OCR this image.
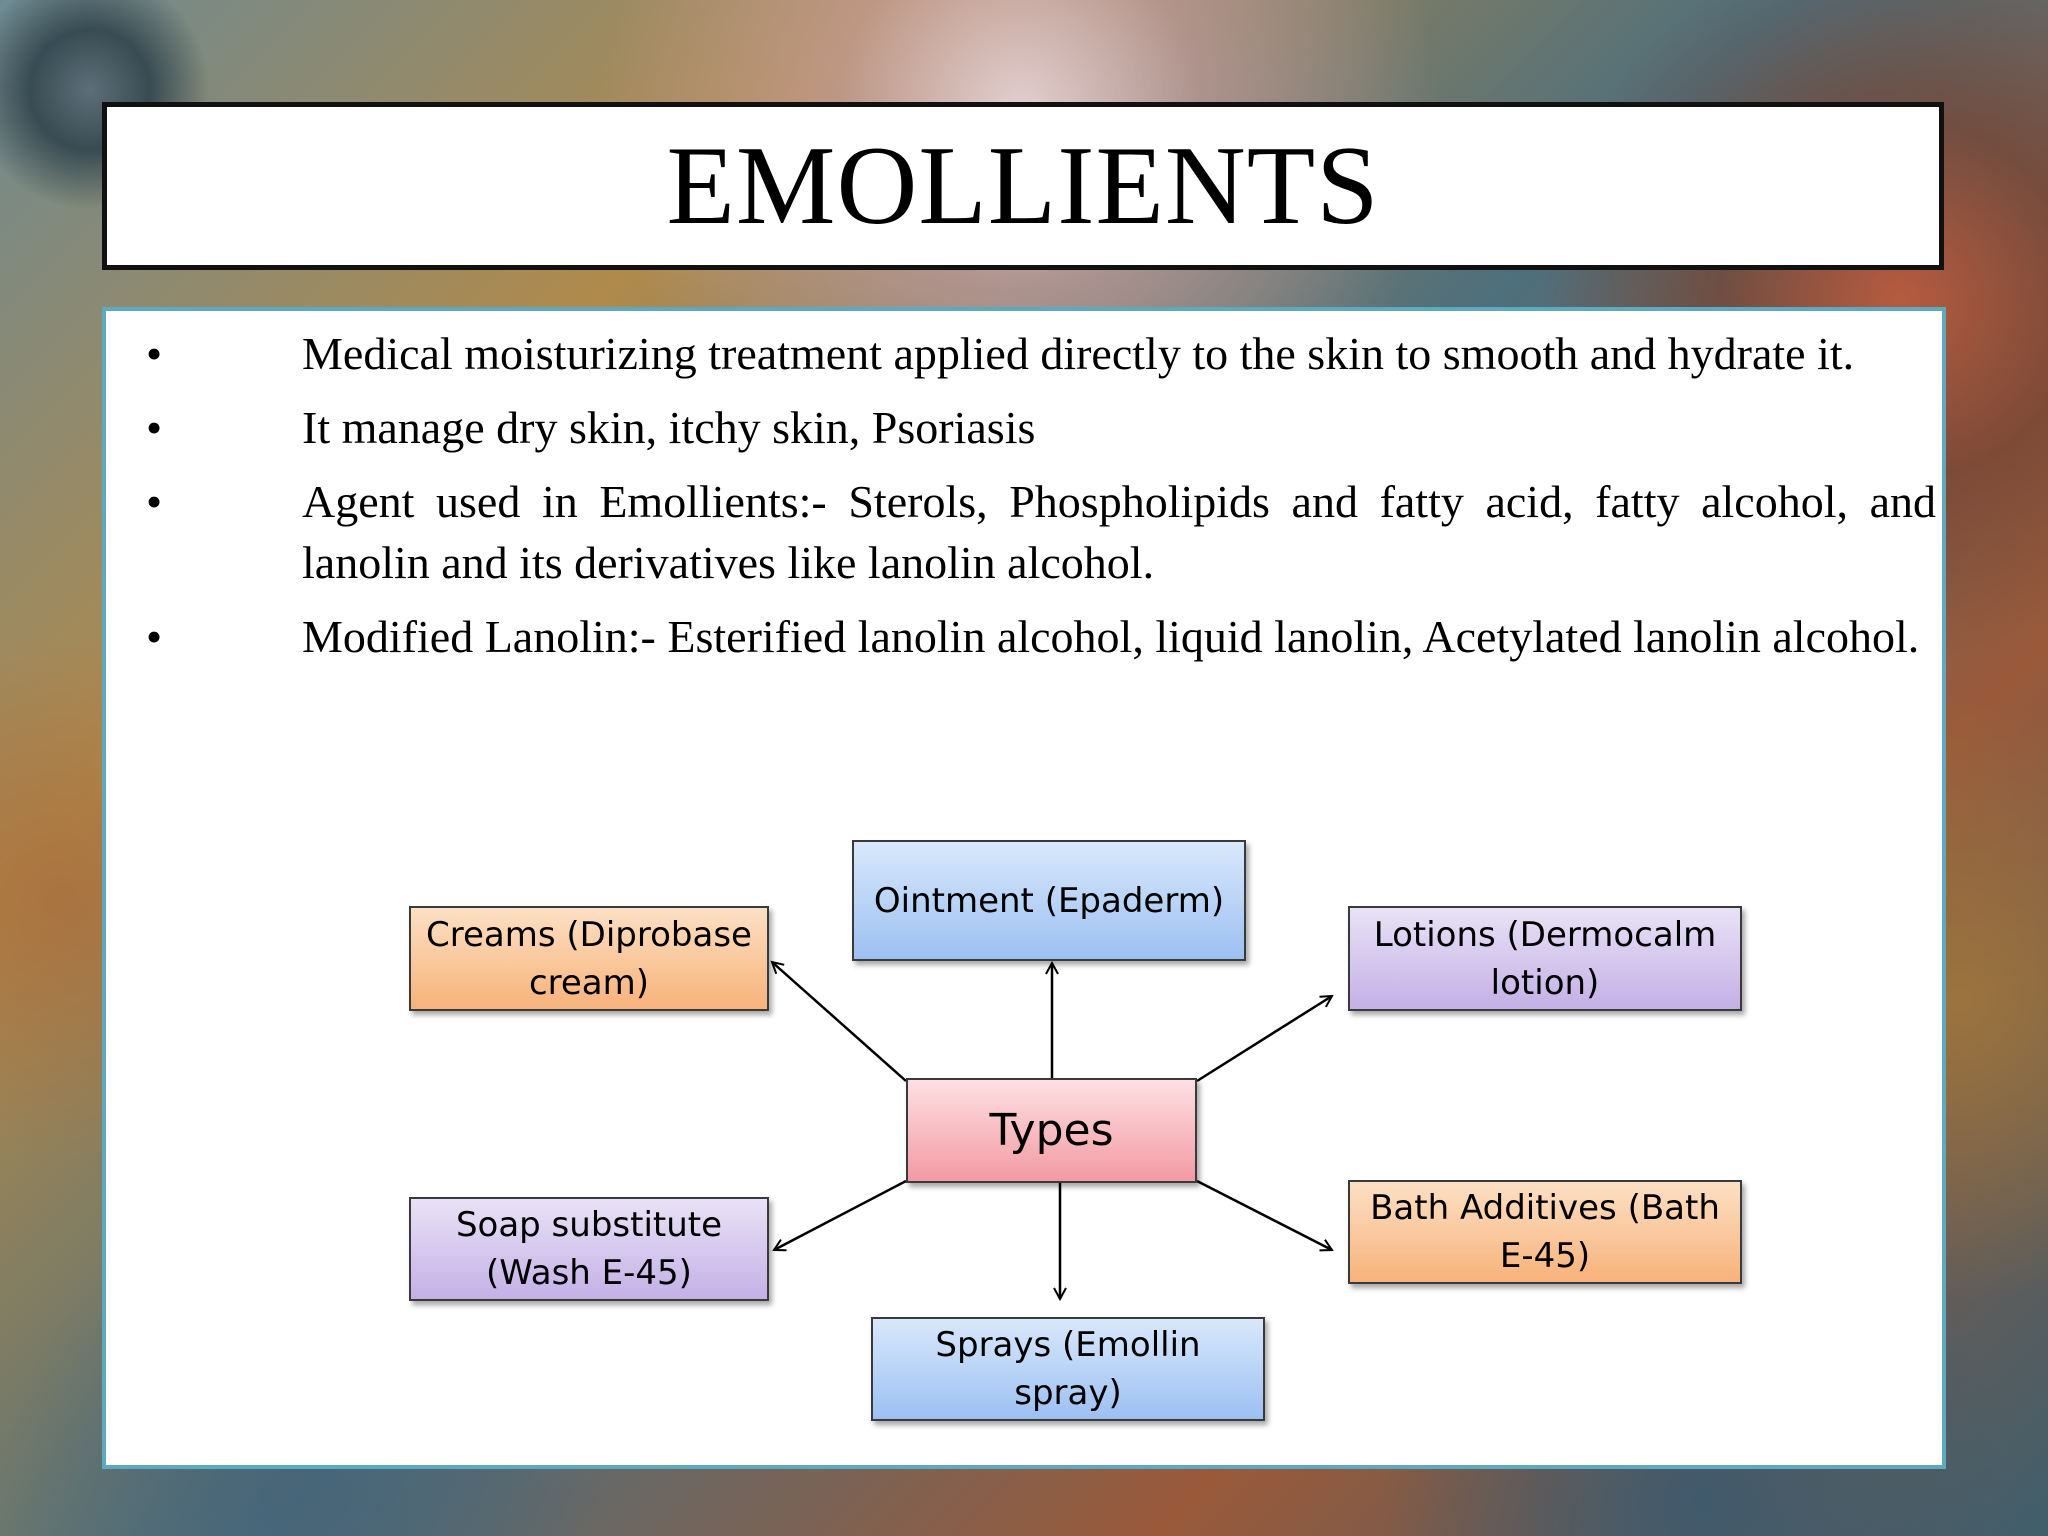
EMOLLIENTS
•	Medical moisturizing treatment applied directly to the skin to smooth and hydrate it.
•	It manage dry skin, itchy skin, Psoriasis
•	Agent used in Emollients:- Sterols, Phospholipids and fatty acid, fatty alcohol, and lanolin and its derivatives like lanolin alcohol.
•	Modified Lanolin:- Esterified lanolin alcohol, liquid lanolin, Acetylated lanolin alcohol.
Creams (Diprobase
cream)
Ointment (Epaderm)
Lotions (Dermocalm
lotion)
Types
Soap substitute
(Wash E-45)
Bath Additives (Bath
E-45)
Sprays (Emollin
spray)
